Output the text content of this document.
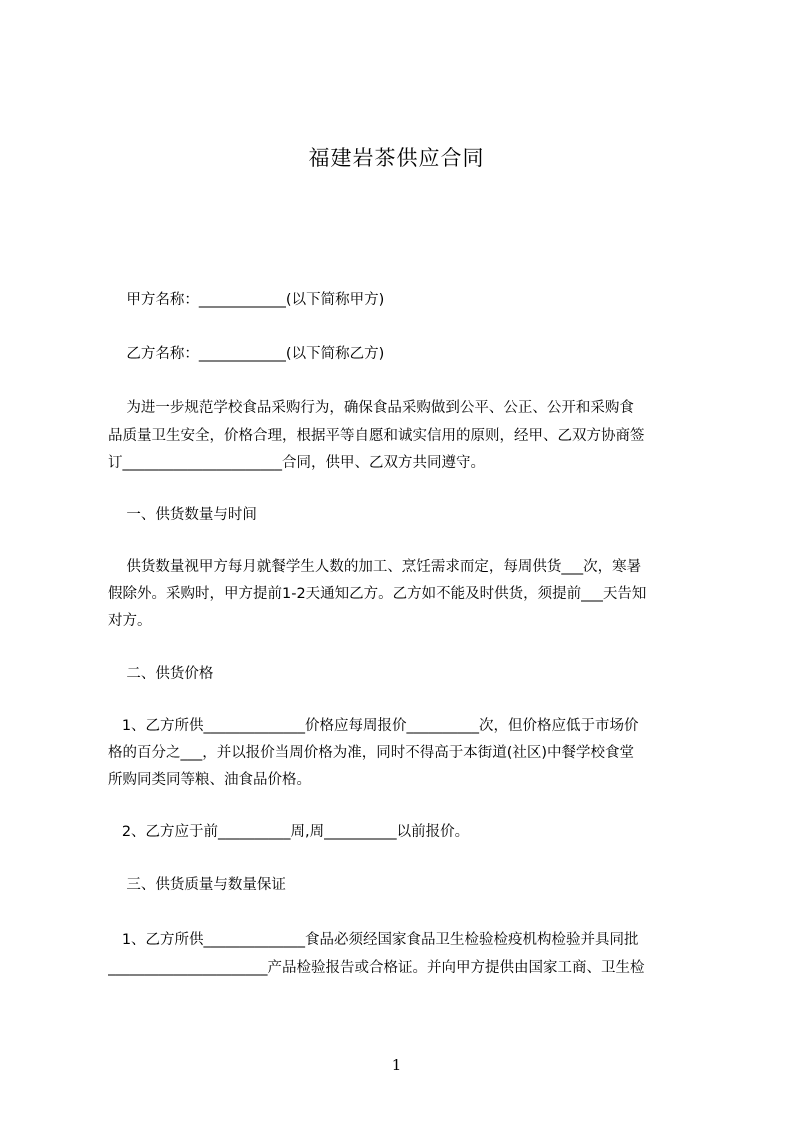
福建岩茶供应合同
甲方名称：____________(以下简称甲方)
乙方名称：____________(以下简称乙方)
为进一步规范学校食品采购行为，确保食品采购做到公平、公正、公开和采购食
品质量卫生安全，价格合理，根据平等自愿和诚实信用的原则，经甲、乙双方协商签
订______________________合同，供甲、乙双方共同遵守。
一、供货数量与时间
供货数量视甲方每月就餐学生人数的加工、烹饪需求而定，每周供货___次，寒暑
假除外。采购时，甲方提前1-2天通知乙方。乙方如不能及时供货，须提前___天告知
对方。
二、供货价格
1、乙方所供______________价格应每周报价__________次，但价格应低于市场价
格的百分之___，并以报价当周价格为准，同时不得高于本街道(社区)中餐学校食堂
所购同类同等粮、油食品价格。
2、乙方应于前__________周,周__________以前报价。
三、供货质量与数量保证
1、乙方所供______________食品必须经国家食品卫生检验检疫机构检验并具同批
______________________产品检验报告或合格证。并向甲方提供由国家工商、卫生检
1
